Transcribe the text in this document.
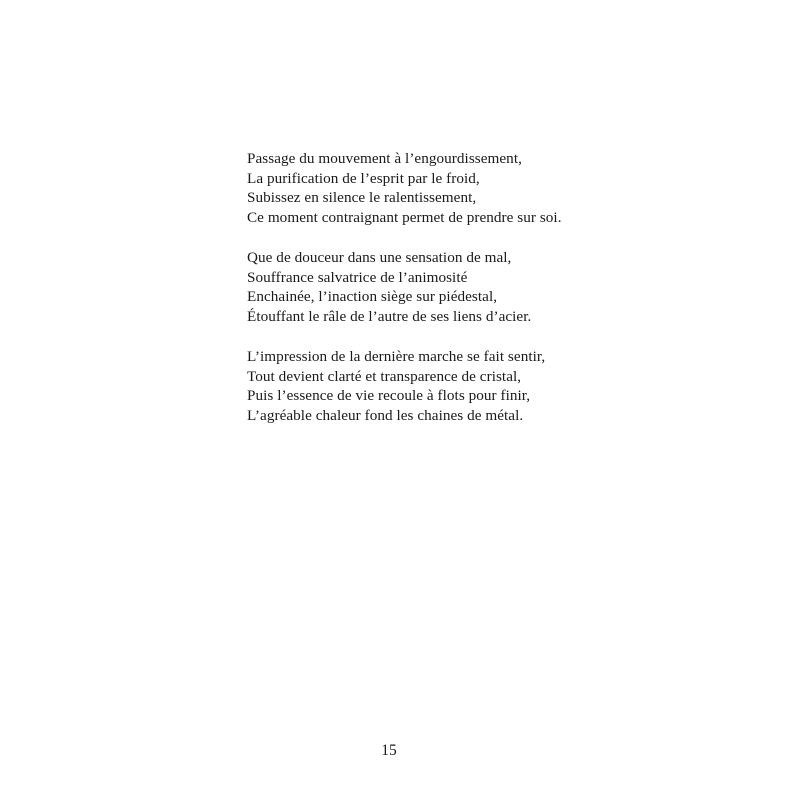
Passage du mouvement à l’engourdissement,
La purification de l’esprit par le froid,
Subissez en silence le ralentissement,
Ce moment contraignant permet de prendre sur soi.
Que de douceur dans une sensation de mal,
Souffrance salvatrice de l’animosité
Enchainée, l’inaction siège sur piédestal,
Étouffant le râle de l’autre de ses liens d’acier.
L’impression de la dernière marche se fait sentir,
Tout devient clarté et transparence de cristal,
Puis l’essence de vie recoule à flots pour finir,
L’agréable chaleur fond les chaines de métal.
15
